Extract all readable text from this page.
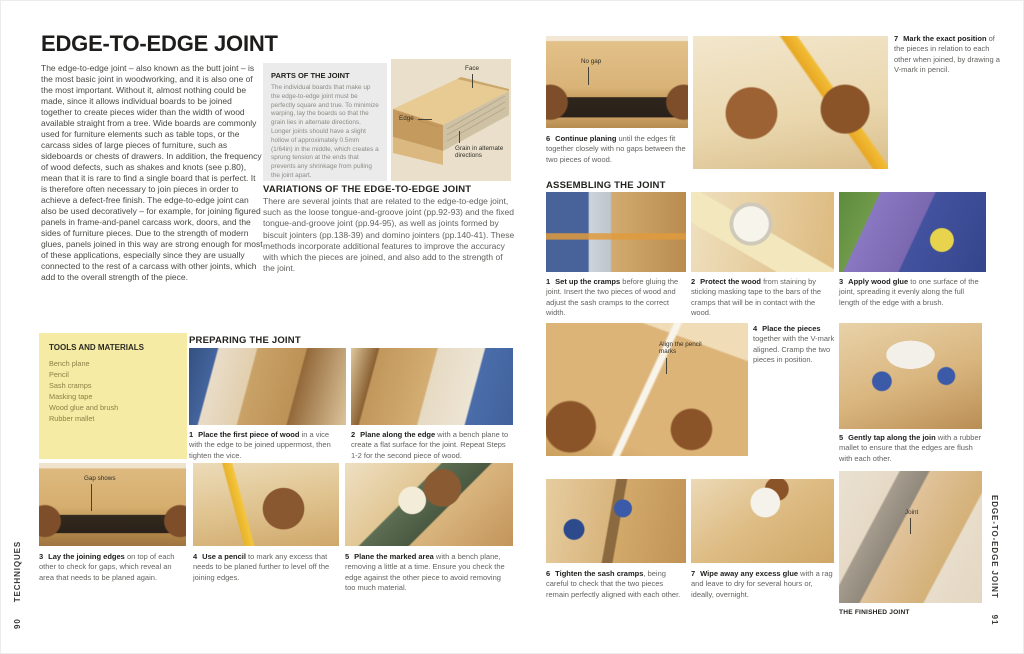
90
TECHNIQUES	EDGE-TO-EDGE JOINT
91
EDGE-TO-EDGE JOINT

The edge-to-edge joint – also known as the butt joint – is the most basic joint in woodworking, and it is also one of the most important. Without it, almost nothing could be made, since it allows individual boards to be joined together to create pieces wider than the width of wood available straight from a tree. Wide boards are commonly used for furniture elements such as table tops, or the carcass sides of large pieces of furniture, such as sideboards or chests of drawers. In addition, the frequency of wood defects, such as shakes and knots (see p.80), mean that it is rare to find a single board that is perfect. It is therefore often necessary to join pieces in order to achieve a defect-free finish. The edge-to-edge joint can also be used decoratively – for example, for joining figured panels in frame-and-panel carcass work, doors, and the sides of furniture pieces. Due to the strength of modern glues, panels joined in this way are strong enough for most of these applications, especially since they are usually connected to the rest of a carcass with other joints, which add to the overall strength of the piece.

PARTS OF THE JOINT
The individual boards that make up the edge-to-edge joint must be perfectly square and true. To minimize warping, lay the boards so that the grain lies in alternate directions. Longer joints should have a slight hollow of approximately 0.5mm (1/64in) in the middle, which creates a sprung tension at the ends that prevents any shrinkage from pulling the joint apart.
Face
Edge
Grain in alternate directions
VARIATIONS OF THE EDGE-TO-EDGE JOINT

There are several joints that are related to the edge-to-edge joint, such as the loose tongue-and-groove joint (pp.92-93) and the fixed tongue-and-groove joint (pp.94-95), as well as joints formed by biscuit jointers (pp.138-39) and domino jointers (pp.140-41). These methods incorporate additional features to improve the accuracy with which the pieces are joined, and also add to the strength of the joint.

TOOLS AND MATERIALS
Bench plane
Pencil
Sash cramps
Masking tape
Wood glue and brush
Rubber mallet
PREPARING THE JOINT
1 Place the first piece of wood in a vice with the edge to be joined uppermost, then tighten the vice.
2 Plane along the edge with a bench plane to create a flat surface for the joint. Repeat Steps 1-2 for the second piece of wood.
Gap shows
3 Lay the joining edges on top of each other to check for gaps, which reveal an area that needs to be planed again.
4 Use a pencil to mark any excess that needs to be planed further to level off the joining edges.
5 Plane the marked area with a bench plane, removing a little at a time. Ensure you check the edge against the other piece to avoid removing too much material.
No gap
7 Mark the exact position of the pieces in relation to each other when joined, by drawing a V-mark in pencil.
6 Continue planing until the edges fit together closely with no gaps between the two pieces of wood.
ASSEMBLING THE JOINT
1 Set up the cramps before gluing the joint. Insert the two pieces of wood and adjust the sash cramps to the correct width.
2 Protect the wood from staining by sticking masking tape to the bars of the cramps that will be in contact with the wood.
3 Apply wood glue to one surface of the joint, spreading it evenly along the full length of the edge with a brush.
Align the pencil marks
4 Place the pieces together with the V-mark aligned. Cramp the two pieces in position.
5 Gently tap along the join with a rubber mallet to ensure that the edges are flush with each other.
Joint
6 Tighten the sash cramps, being careful to check that the two pieces remain perfectly aligned with each other.
7 Wipe away any excess glue with a rag and leave to dry for several hours or, ideally, overnight.
THE FINISHED JOINT
